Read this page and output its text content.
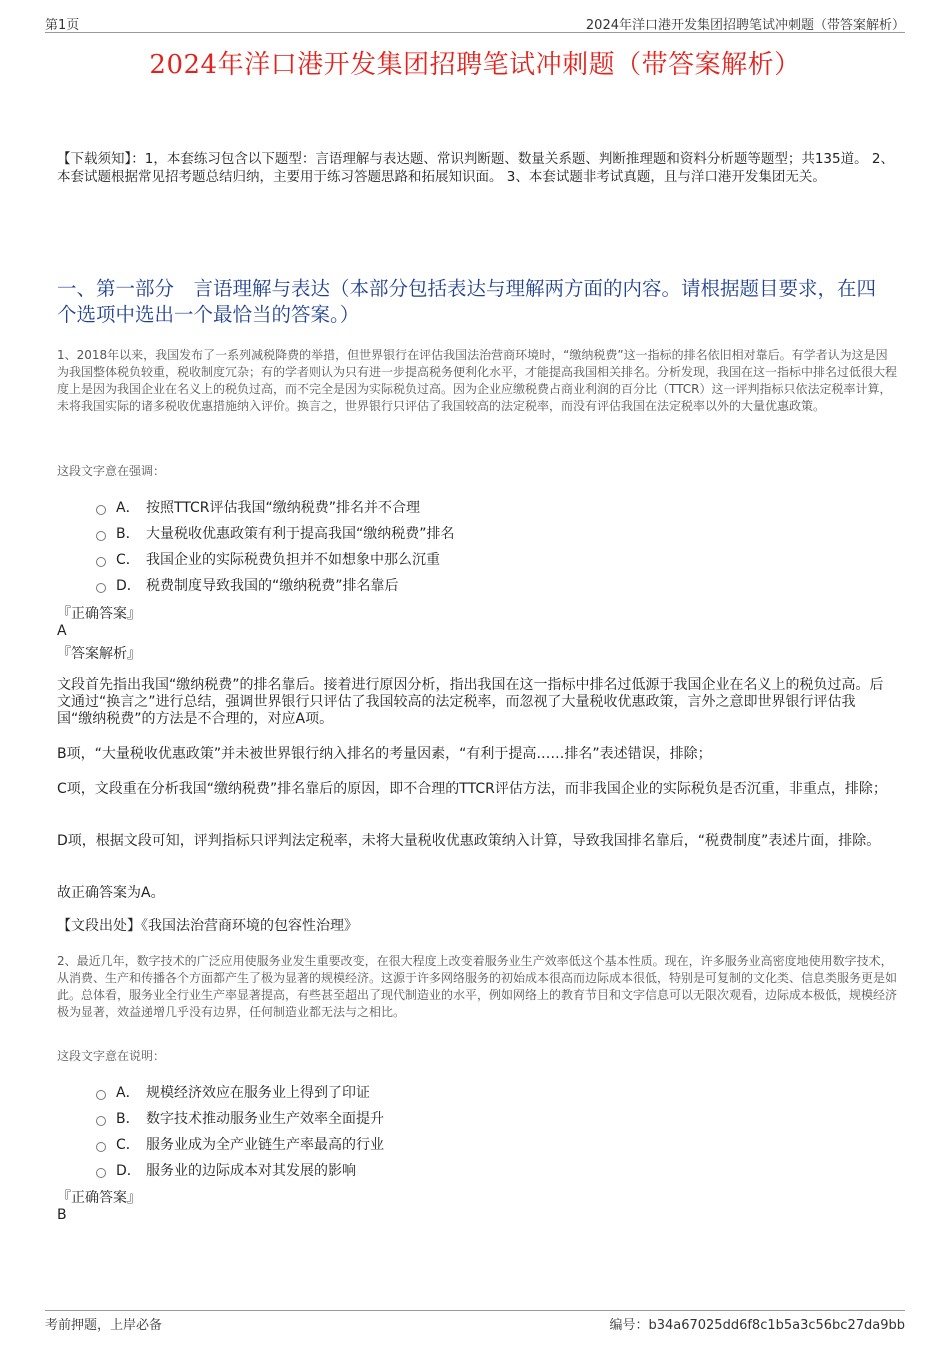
第1页	2024年洋口港开发集团招聘笔试冲刺题（带答案解析）
2024年洋口港开发集团招聘笔试冲刺题（带答案解析）
【下载须知】：1，本套练习包含以下题型：言语理解与表达题、常识判断题、数量关系题、判断推理题和资料分析题等题型；共135道。 2、本套试题根据常见招考题总结归纳，主要用于练习答题思路和拓展知识面。 3、本套试题非考试真题，且与洋口港开发集团无关。
一、第一部分　言语理解与表达（本部分包括表达与理解两方面的内容。请根据题目要求，在四个选项中选出一个最恰当的答案。）
1、2018年以来，我国发布了一系列减税降费的举措，但世界银行在评估我国法治营商环境时，“缴纳税费”这一指标的排名依旧相对靠后。有学者认为这是因为我国整体税负较重，税收制度冗杂；有的学者则认为只有进一步提高税务便利化水平，才能提高我国相关排名。分析发现，我国在这一指标中排名过低很大程度上是因为我国企业在名义上的税负过高，而不完全是因为实际税负过高。因为企业应缴税费占商业利润的百分比（TTCR）这一评判指标只依法定税率计算，未将我国实际的诸多税收优惠措施纳入评价。换言之，世界银行只评估了我国较高的法定税率，而没有评估我国在法定税率以外的大量优惠政策。
这段文字意在强调：
A． 按照TTCR评估我国“缴纳税费”排名并不合理
B． 大量税收优惠政策有利于提高我国“缴纳税费”排名
C． 我国企业的实际税费负担并不如想象中那么沉重
D． 税费制度导致我国的“缴纳税费”排名靠后
『正确答案』
A
『答案解析』
文段首先指出我国“缴纳税费”的排名靠后。接着进行原因分析，指出我国在这一指标中排名过低源于我国企业在名义上的税负过高。后文通过“换言之”进行总结，强调世界银行只评估了我国较高的法定税率，而忽视了大量税收优惠政策，言外之意即世界银行评估我国“缴纳税费”的方法是不合理的，对应A项。
B项，“大量税收优惠政策”并未被世界银行纳入排名的考量因素，“有利于提高……排名”表述错误，排除；
C项，文段重在分析我国“缴纳税费”排名靠后的原因，即不合理的TTCR评估方法，而非我国企业的实际税负是否沉重，非重点，排除；
D项，根据文段可知，评判指标只评判法定税率，未将大量税收优惠政策纳入计算，导致我国排名靠后，“税费制度”表述片面，排除。
故正确答案为A。
【文段出处】《我国法治营商环境的包容性治理》
2、最近几年，数字技术的广泛应用使服务业发生重要改变，在很大程度上改变着服务业生产效率低这个基本性质。现在，许多服务业高密度地使用数字技术，从消费、生产和传播各个方面都产生了极为显著的规模经济。这源于许多网络服务的初始成本很高而边际成本很低，特别是可复制的文化类、信息类服务更是如此。总体看，服务业全行业生产率显著提高，有些甚至超出了现代制造业的水平，例如网络上的教育节目和文字信息可以无限次观看，边际成本极低，规模经济极为显著，效益递增几乎没有边界，任何制造业都无法与之相比。
这段文字意在说明：
A． 规模经济效应在服务业上得到了印证
B． 数字技术推动服务业生产效率全面提升
C． 服务业成为全产业链生产率最高的行业
D． 服务业的边际成本对其发展的影响
『正确答案』
B
考前押题，上岸必备	编号：b34a67025dd6f8c1b5a3c56bc27da9bb
